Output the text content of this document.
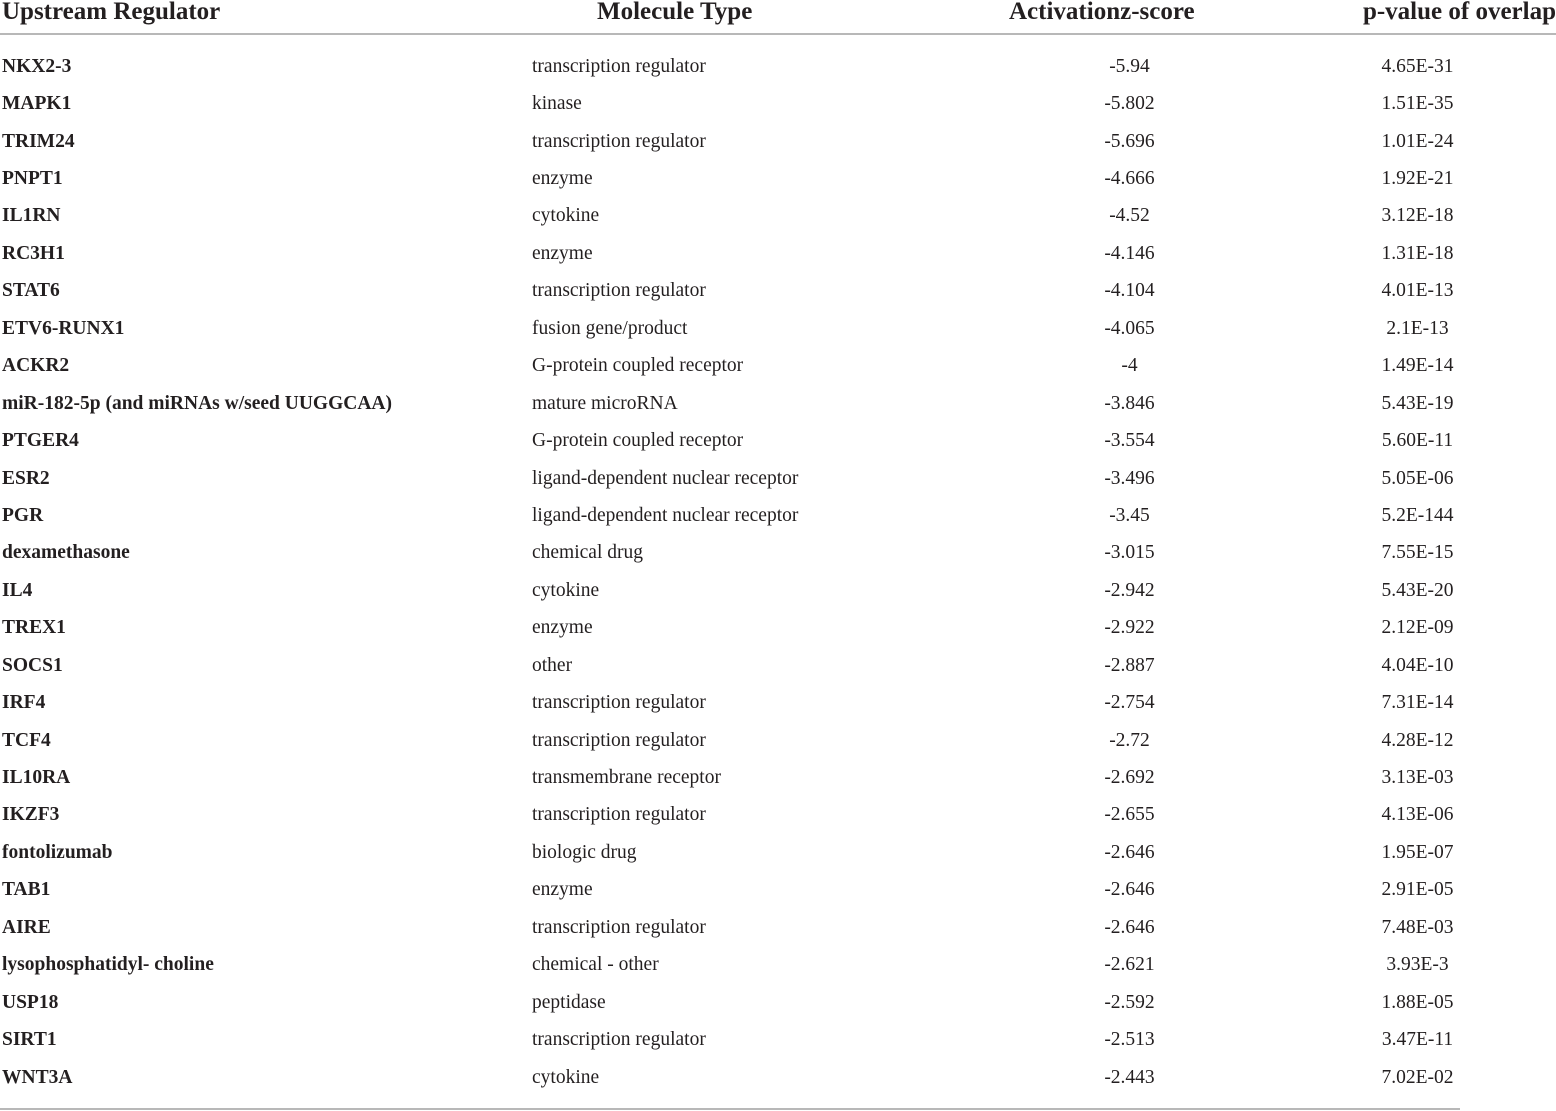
Upstream Regulator	Molecule Type	Activationz-score	p-value of overlap

NKX2-3	transcription regulator	-5.94	4.65E-31
MAPK1	kinase	-5.802	1.51E-35
TRIM24	transcription regulator	-5.696	1.01E-24
PNPT1	enzyme	-4.666	1.92E-21
IL1RN	cytokine	-4.52	3.12E-18
RC3H1	enzyme	-4.146	1.31E-18
STAT6	transcription regulator	-4.104	4.01E-13
ETV6-RUNX1	fusion gene/product	-4.065	2.1E-13
ACKR2	G-protein coupled receptor	-4	1.49E-14
miR-182-5p (and miRNAs w/seed UUGGCAA)	mature microRNA	-3.846	5.43E-19
PTGER4	G-protein coupled receptor	-3.554	5.60E-11
ESR2	ligand-dependent nuclear receptor	-3.496	5.05E-06
PGR	ligand-dependent nuclear receptor	-3.45	5.2E-144
dexamethasone	chemical drug	-3.015	7.55E-15
IL4	cytokine	-2.942	5.43E-20
TREX1	enzyme	-2.922	2.12E-09
SOCS1	other	-2.887	4.04E-10
IRF4	transcription regulator	-2.754	7.31E-14
TCF4	transcription regulator	-2.72	4.28E-12
IL10RA	transmembrane receptor	-2.692	3.13E-03
IKZF3	transcription regulator	-2.655	4.13E-06
fontolizumab	biologic drug	-2.646	1.95E-07
TAB1	enzyme	-2.646	2.91E-05
AIRE	transcription regulator	-2.646	7.48E-03
lysophosphatidyl- choline	chemical - other	-2.621	3.93E-3
USP18	peptidase	-2.592	1.88E-05
SIRT1	transcription regulator	-2.513	3.47E-11
WNT3A	cytokine	-2.443	7.02E-02
